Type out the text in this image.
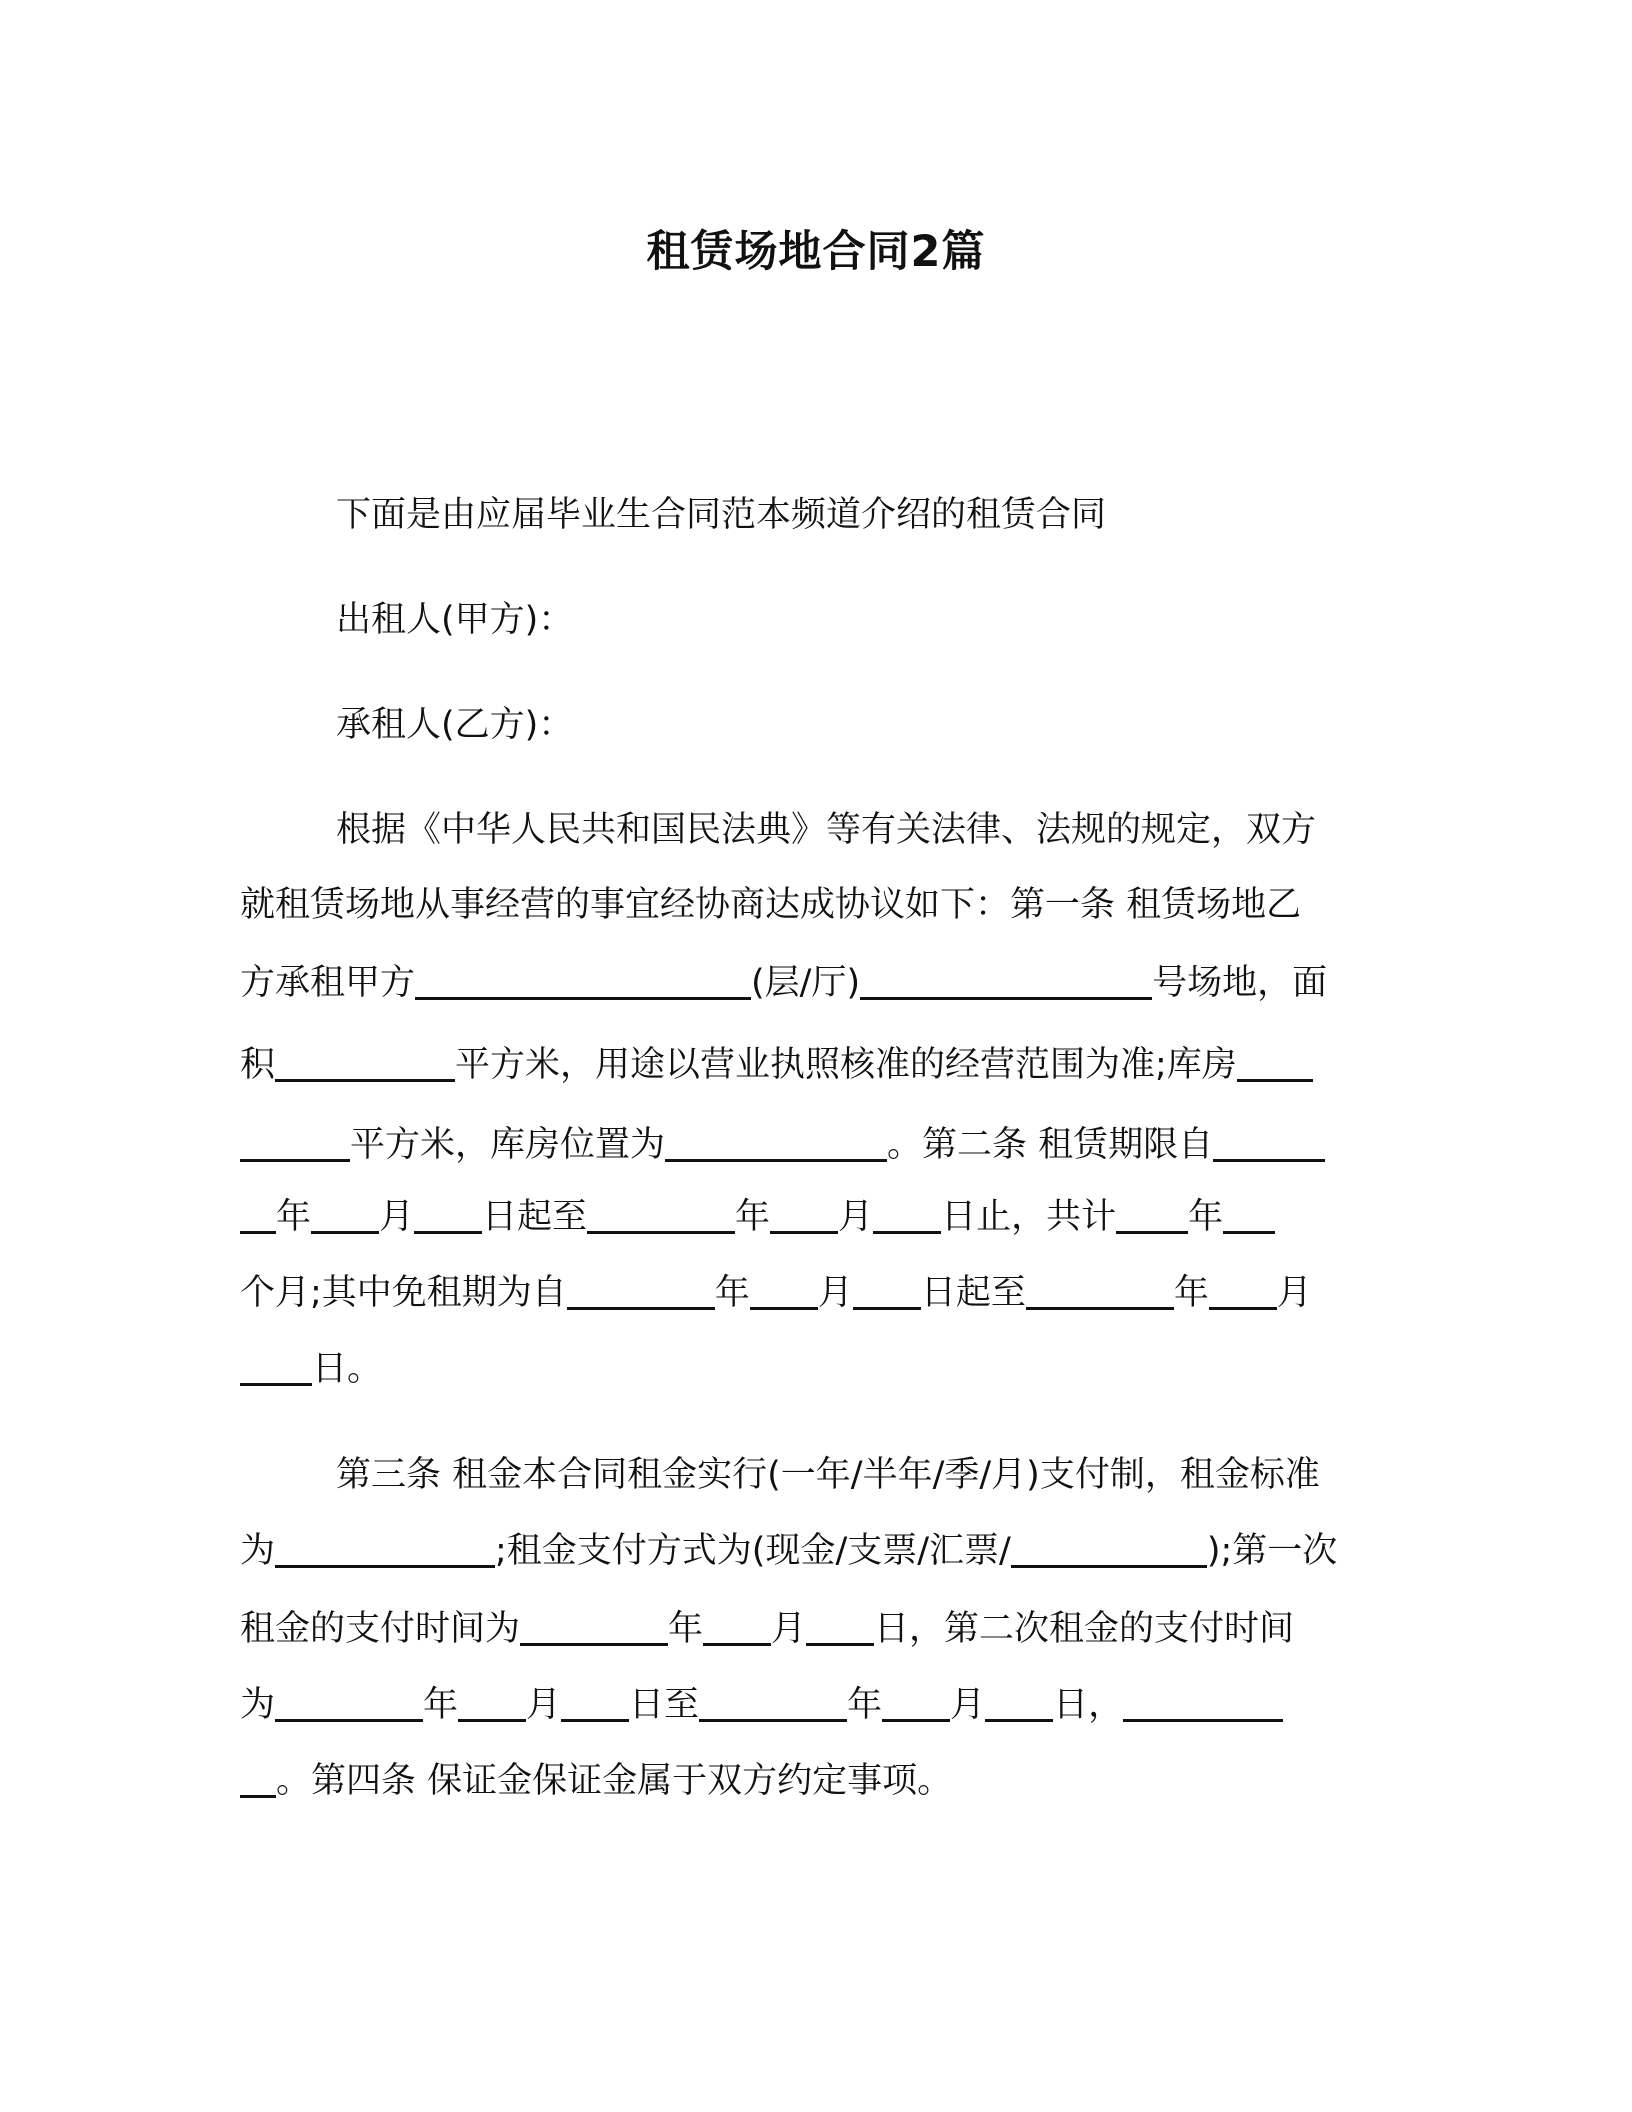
租赁场地合同2篇
下面是由应届毕业生合同范本频道介绍的租赁合同
出租人(甲方)：
承租人(乙方)：
根据《中华人民共和国民法典》等有关法律、法规的规定，双方
就租赁场地从事经营的事宜经协商达成协议如下：第一条 租赁场地乙
方承租甲方	(层/厅)	号场地，面
积	平方米，用途以营业执照核准的经营范围为准;库房
平方米，库房位置为	。第二条 租赁期限自
年 月 日起至	年 月 日止，共计 年
个月;其中免租期为自	年 月 日起至	年 月
日。
第三条 租金本合同租金实行(一年/半年/季/月)支付制，租金标准
为	;租金支付方式为(现金/支票/汇票/	);第一次
租金的支付时间为	年 月 日，第二次租金的支付时间
为	年 月 日至	年 月 日，
。第四条 保证金保证金属于双方约定事项。
